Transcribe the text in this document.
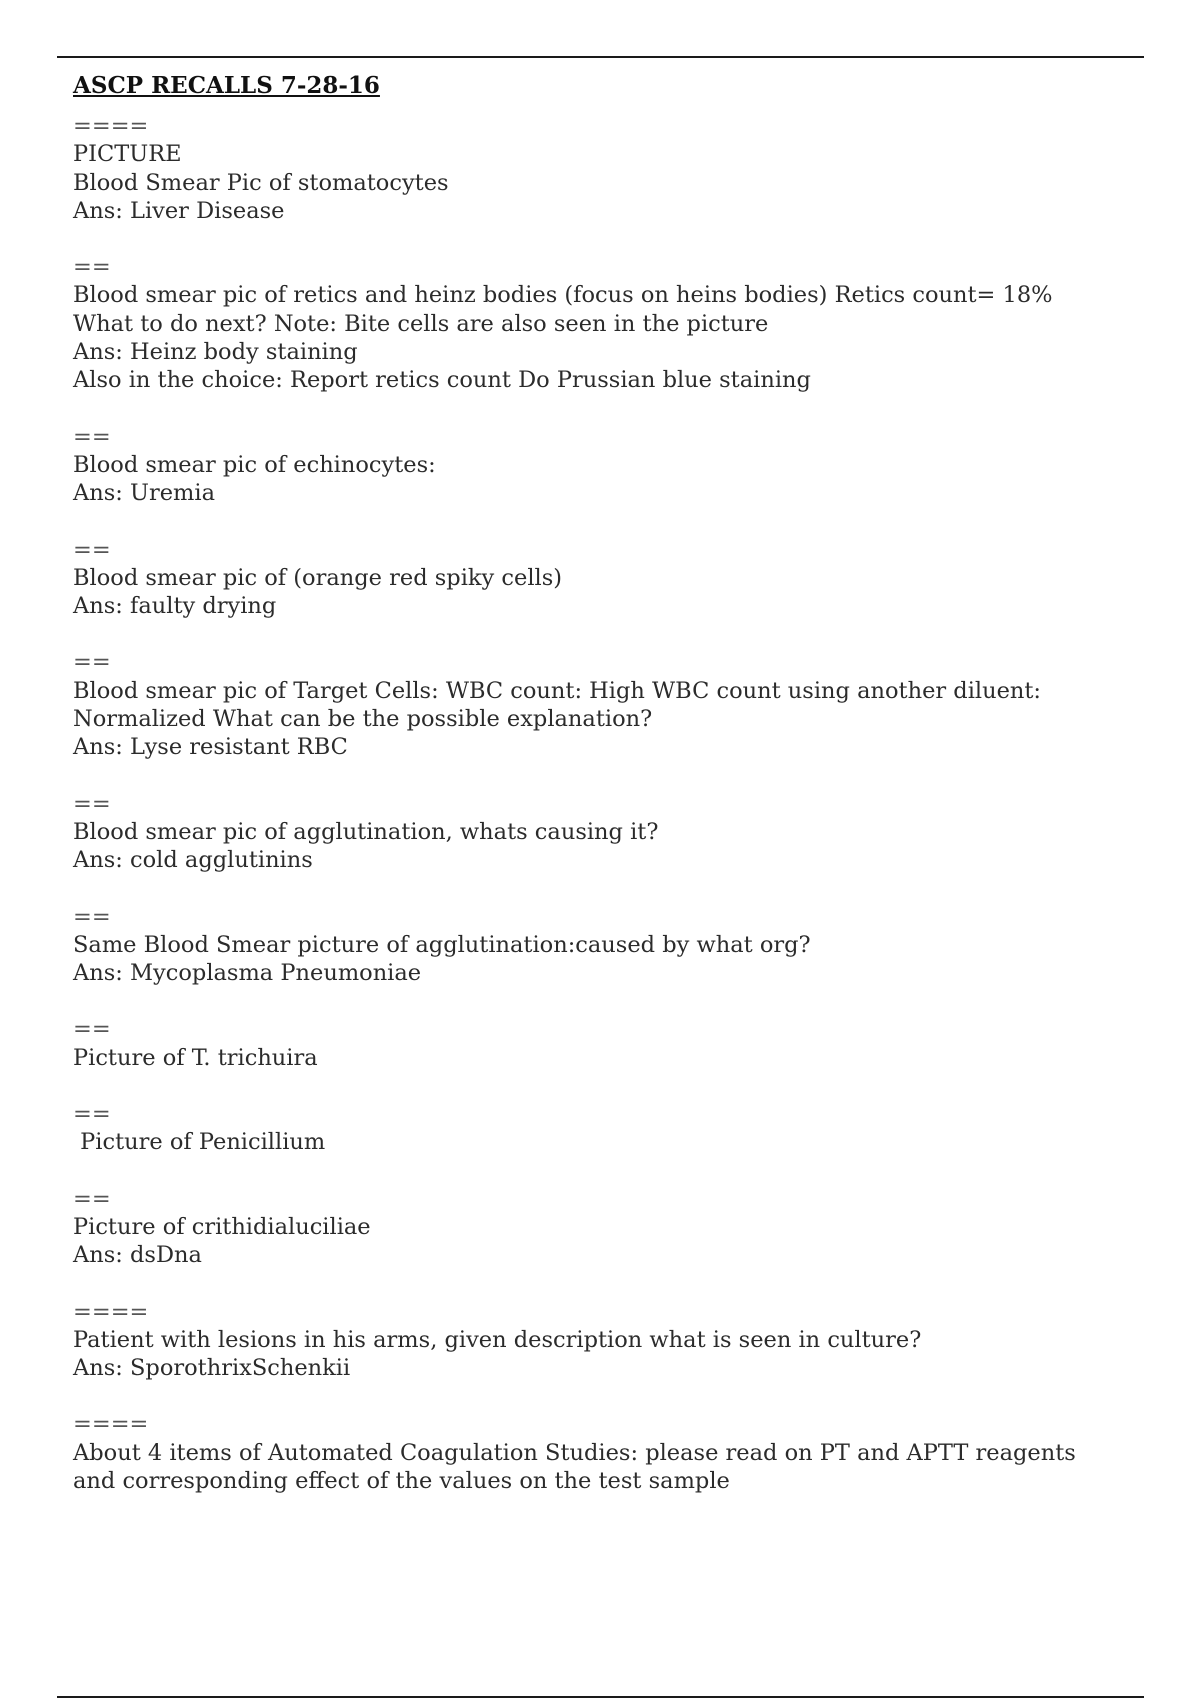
ASCP RECALLS 7-28-16
====
PICTURE
Blood Smear Pic of stomatocytes
Ans: Liver Disease
==
Blood smear pic of retics and heinz bodies (focus on heins bodies) Retics count= 18%
What to do next? Note: Bite cells are also seen in the picture
Ans: Heinz body staining
Also in the choice: Report retics count Do Prussian blue staining
==
Blood smear pic of echinocytes:
Ans: Uremia
==
Blood smear pic of (orange red spiky cells)
Ans: faulty drying
==
Blood smear pic of Target Cells: WBC count: High WBC count using another diluent:
Normalized What can be the possible explanation?
Ans: Lyse resistant RBC
==
Blood smear pic of agglutination, whats causing it?
Ans: cold agglutinins
==
Same Blood Smear picture of agglutination:caused by what org?
Ans: Mycoplasma Pneumoniae
==
Picture of T. trichuira
==
Picture of Penicillium
==
Picture of crithidialuciliae
Ans: dsDna
====
Patient with lesions in his arms, given description what is seen in culture?
Ans: SporothrixSchenkii
====
About 4 items of Automated Coagulation Studies: please read on PT and APTT reagents
and corresponding effect of the values on the test sample
